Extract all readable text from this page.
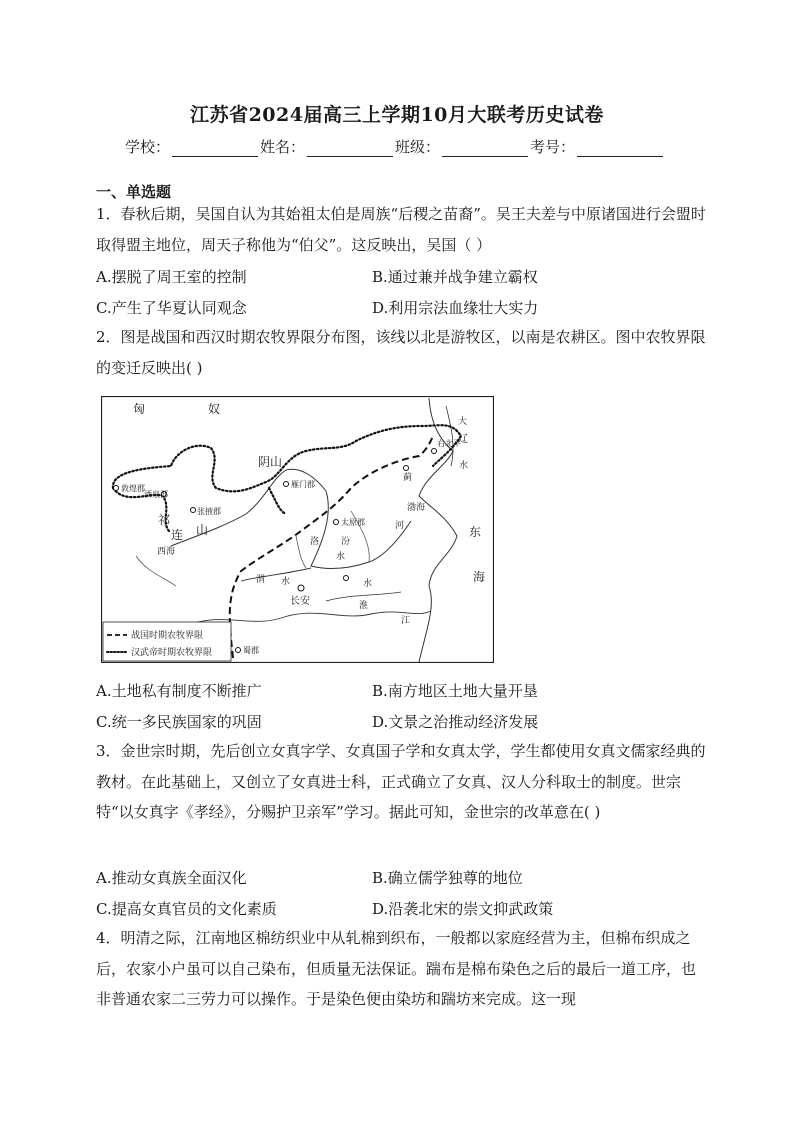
江苏省2024届高三上学期10月大联考历史试卷
学校：	姓名：	班级：	考号：
一、单选题
1．春秋后期，吴国自认为其始祖太伯是周族“后稷之苗裔”。吴王夫差与中原诸国进行会盟时取得盟主地位，周天子称他为“伯父”。这反映出，吴国（ ）
A.摆脱了周王室的控制	B.通过兼并战争建立霸权
C.产生了华夏认同观念	D.利用宗法血缘壮大实力
2．图是战国和西汉时期农牧界限分布图，该线以北是游牧区，以南是农耕区。图中农牧界限的变迁反映出( )
战国时期农牧界限
汉武帝时期农牧界限
匈	奴
阴山
祁
连 山
西海
渤海
东
海
大
辽
水
敦煌郡
酒泉郡
张掖郡
雁门郡
太原郡
右北平
蓟
长安
蜀郡
汾
水
渭 水
河
水
淮
江
洛
A.土地私有制度不断推广	B.南方地区土地大量开垦
C.统一多民族国家的巩固	D.文景之治推动经济发展
3．金世宗时期，先后创立女真字学、女真国子学和女真太学，学生都使用女真文儒家经典的教材。在此基础上，又创立了女真进士科，正式确立了女真、汉人分科取士的制度。世宗特“以女真字《孝经》，分赐护卫亲军”学习。据此可知，金世宗的改革意在( )
A.推动女真族全面汉化	B.确立儒学独尊的地位
C.提高女真官员的文化素质	D.沿袭北宋的崇文抑武政策
4．明清之际，江南地区棉纺织业中从轧棉到织布，一般都以家庭经营为主，但棉布织成之后，农家小户虽可以自己染布，但质量无法保证。踹布是棉布染色之后的最后一道工序，也非普通农家二三劳力可以操作。于是染色便由染坊和踹坊来完成。这一现
